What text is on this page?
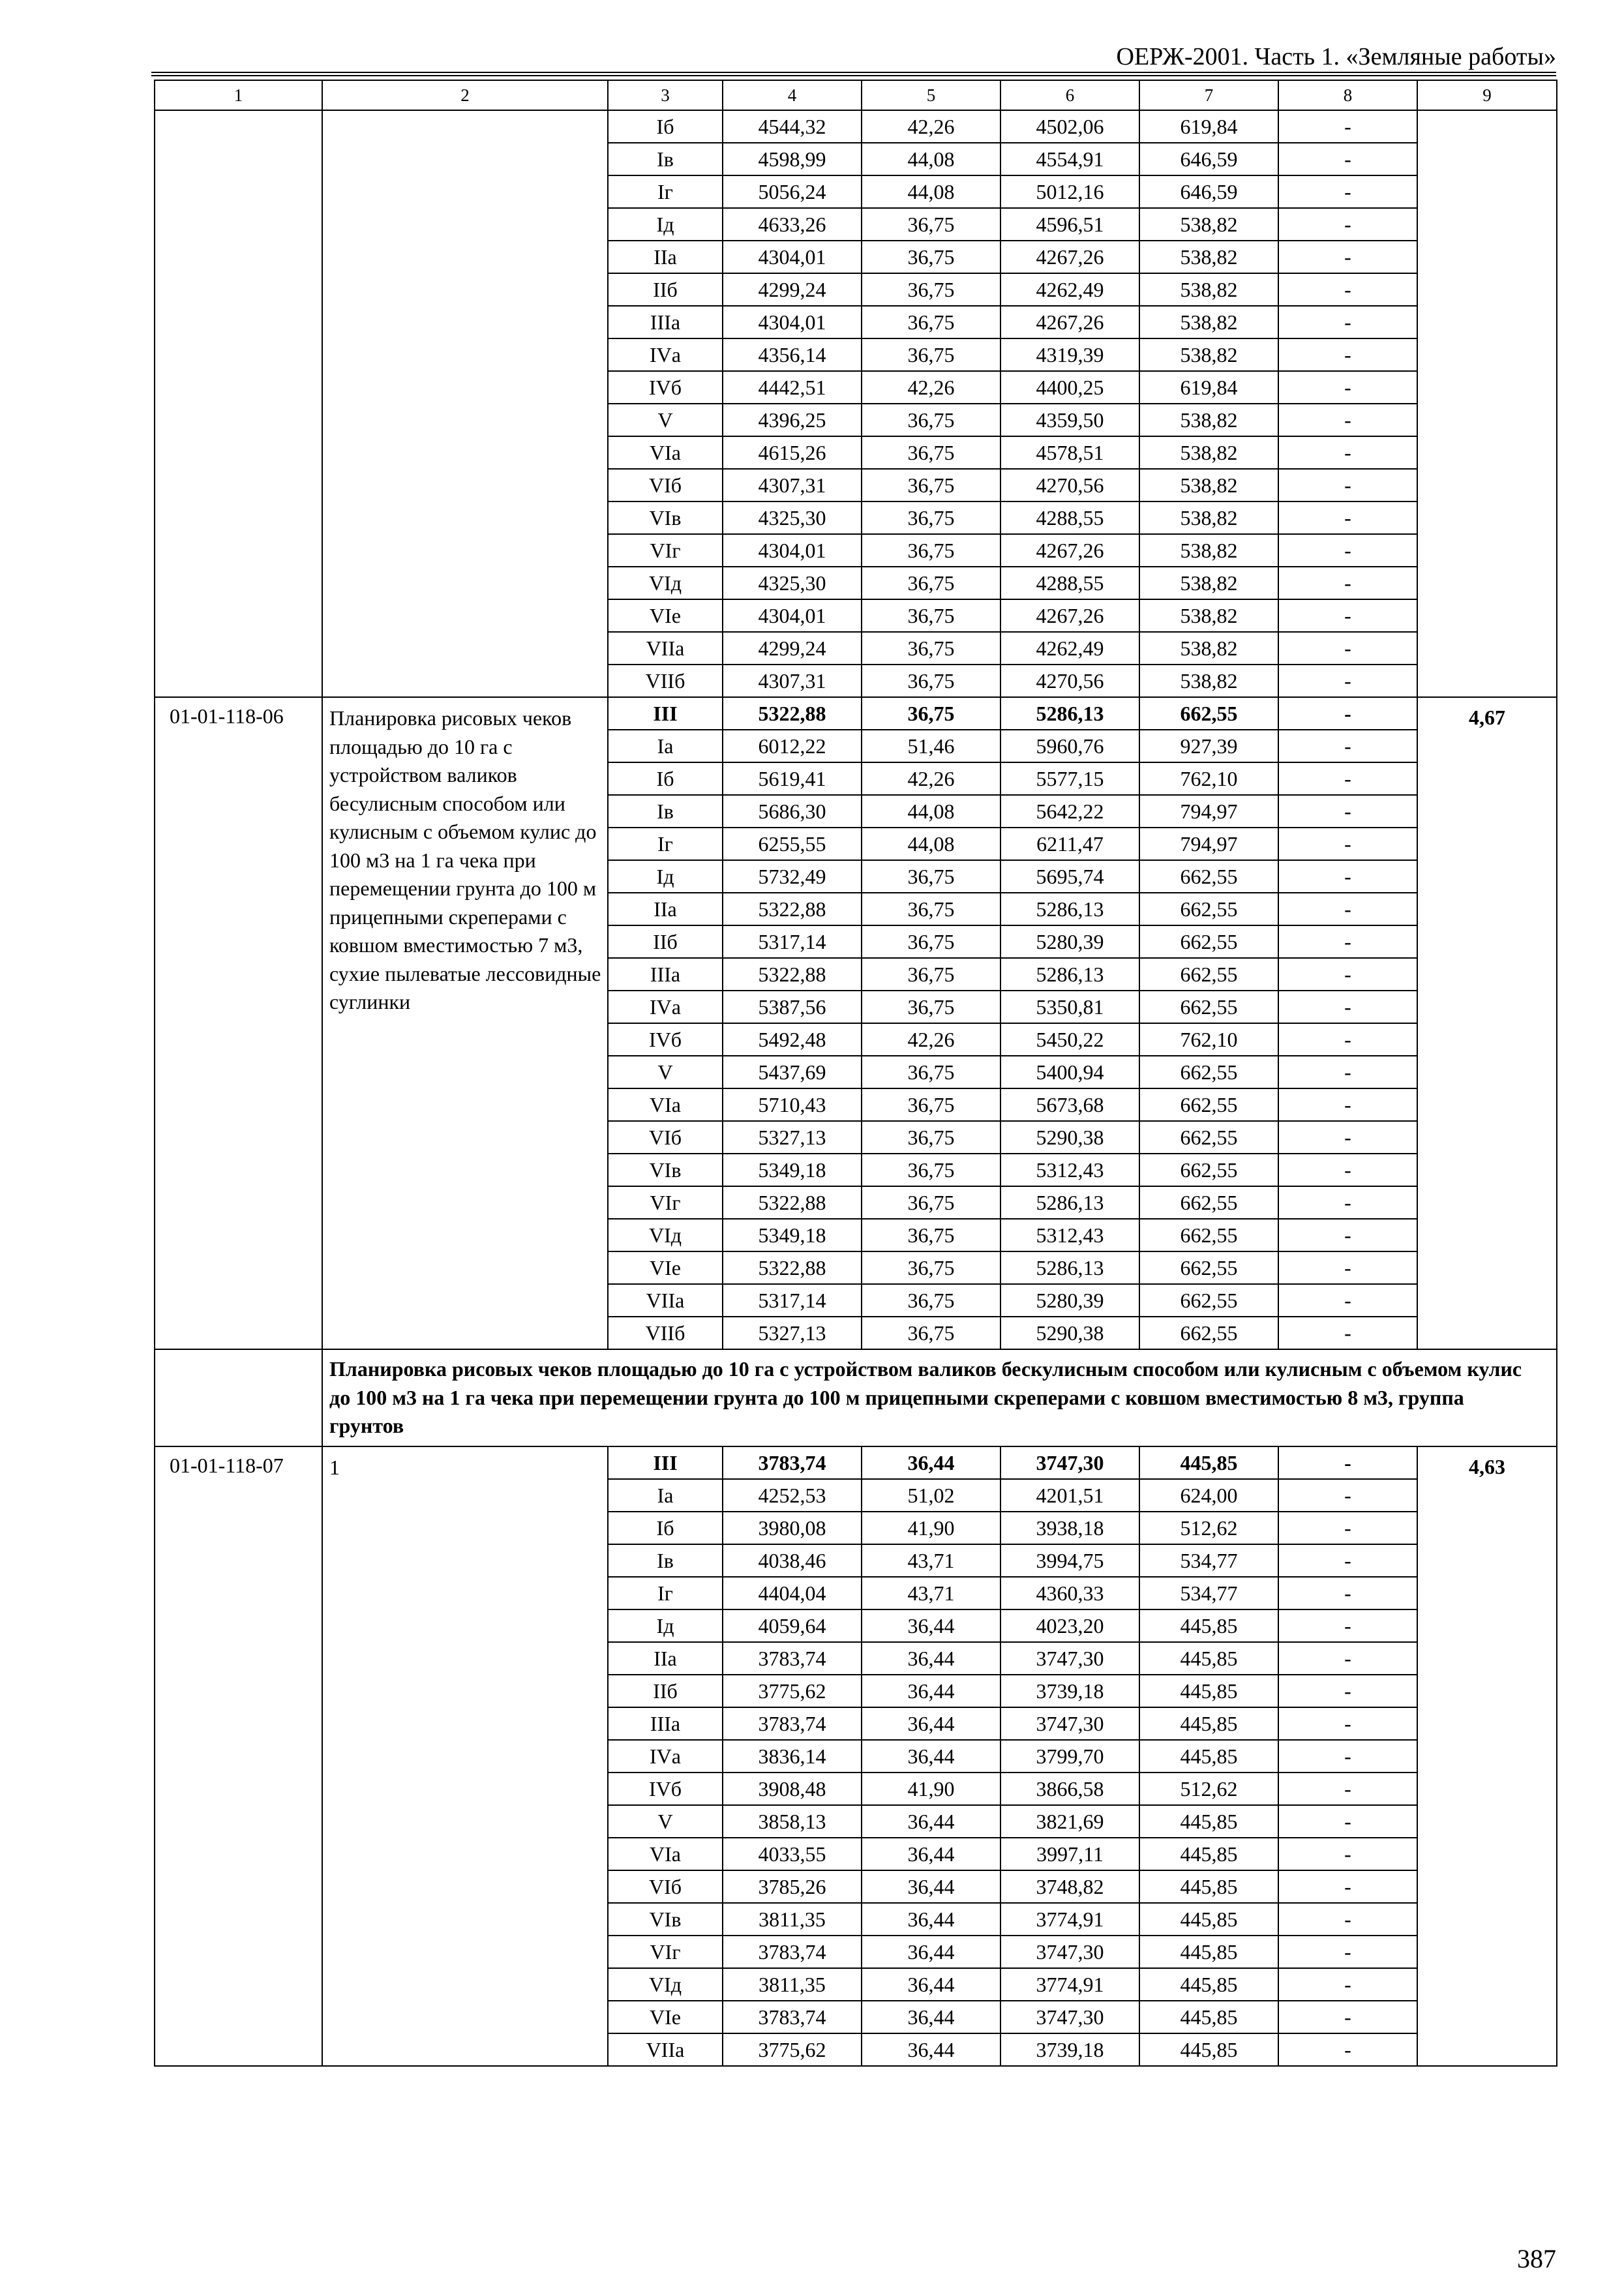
ОЕРЖ-2001. Часть 1. «Земляные работы»
1	2	3	4	5	6	7	8	9
		Iб	4544,32	42,26	4502,06	619,84	-	
		Iв	4598,99	44,08	4554,91	646,59	-	
		Iг	5056,24	44,08	5012,16	646,59	-	
		Iд	4633,26	36,75	4596,51	538,82	-	
		IIа	4304,01	36,75	4267,26	538,82	-	
		IIб	4299,24	36,75	4262,49	538,82	-	
		IIIа	4304,01	36,75	4267,26	538,82	-	
		IVа	4356,14	36,75	4319,39	538,82	-	
		IVб	4442,51	42,26	4400,25	619,84	-	
		V	4396,25	36,75	4359,50	538,82	-	
		VIа	4615,26	36,75	4578,51	538,82	-	
		VIб	4307,31	36,75	4270,56	538,82	-	
		VIв	4325,30	36,75	4288,55	538,82	-	
		VIг	4304,01	36,75	4267,26	538,82	-	
		VIд	4325,30	36,75	4288,55	538,82	-	
		VIе	4304,01	36,75	4267,26	538,82	-	
		VIIа	4299,24	36,75	4262,49	538,82	-	
		VIIб	4307,31	36,75	4270,56	538,82	-	
01-01-118-06	Планировка рисовых чеков площадью до 10 га с устройством валиков бесулисным способом или кулисным с объемом кулис до 100 м3 на 1 га чека при перемещении грунта до 100 м прицепными скреперами с ковшом вместимостью 7 м3, сухие пылеватые лессовидные суглинки	III	5322,88	36,75	5286,13	662,55	-	4,67
		Iа	6012,22	51,46	5960,76	927,39	-	
		Iб	5619,41	42,26	5577,15	762,10	-	
		Iв	5686,30	44,08	5642,22	794,97	-	
		Iг	6255,55	44,08	6211,47	794,97	-	
		Iд	5732,49	36,75	5695,74	662,55	-	
		IIа	5322,88	36,75	5286,13	662,55	-	
		IIб	5317,14	36,75	5280,39	662,55	-	
		IIIа	5322,88	36,75	5286,13	662,55	-	
		IVа	5387,56	36,75	5350,81	662,55	-	
		IVб	5492,48	42,26	5450,22	762,10	-	
		V	5437,69	36,75	5400,94	662,55	-	
		VIа	5710,43	36,75	5673,68	662,55	-	
		VIб	5327,13	36,75	5290,38	662,55	-	
		VIв	5349,18	36,75	5312,43	662,55	-	
		VIг	5322,88	36,75	5286,13	662,55	-	
		VIд	5349,18	36,75	5312,43	662,55	-	
		VIе	5322,88	36,75	5286,13	662,55	-	
		VIIа	5317,14	36,75	5280,39	662,55	-	
		VIIб	5327,13	36,75	5290,38	662,55	-	
	Планировка рисовых чеков площадью до 10 га с устройством валиков бескулисным способом или кулисным с объемом кулис до 100 м3 на 1 га чека при перемещении грунта до 100 м прицепными скреперами с ковшом вместимостью 8 м3, группа грунтов							
01-01-118-07	1	III	3783,74	36,44	3747,30	445,85	-	4,63
		Iа	4252,53	51,02	4201,51	624,00	-	
		Iб	3980,08	41,90	3938,18	512,62	-	
		Iв	4038,46	43,71	3994,75	534,77	-	
		Iг	4404,04	43,71	4360,33	534,77	-	
		Iд	4059,64	36,44	4023,20	445,85	-	
		IIа	3783,74	36,44	3747,30	445,85	-	
		IIб	3775,62	36,44	3739,18	445,85	-	
		IIIа	3783,74	36,44	3747,30	445,85	-	
		IVа	3836,14	36,44	3799,70	445,85	-	
		IVб	3908,48	41,90	3866,58	512,62	-	
		V	3858,13	36,44	3821,69	445,85	-	
		VIа	4033,55	36,44	3997,11	445,85	-	
		VIб	3785,26	36,44	3748,82	445,85	-	
		VIв	3811,35	36,44	3774,91	445,85	-	
		VIг	3783,74	36,44	3747,30	445,85	-	
		VIд	3811,35	36,44	3774,91	445,85	-	
		VIе	3783,74	36,44	3747,30	445,85	-	
		VIIа	3775,62	36,44	3739,18	445,85	-	
387
